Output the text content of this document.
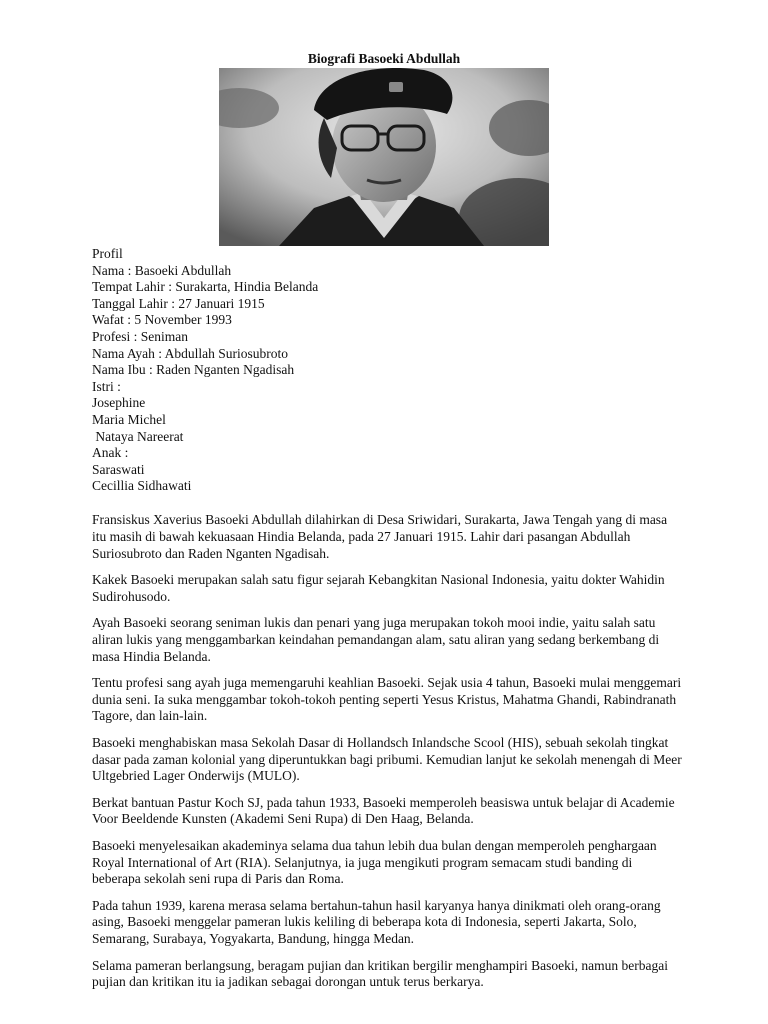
Biografi Basoeki Abdullah
Profil
Nama : Basoeki Abdullah
Tempat Lahir : Surakarta, Hindia Belanda
Tanggal Lahir : 27 Januari 1915
Wafat : 5 November 1993
Profesi : Seniman
Nama Ayah : Abdullah Suriosubroto
Nama Ibu : Raden Nganten Ngadisah
Istri :
Josephine
Maria Michel
Nataya Nareerat
Anak :
Saraswati
Cecillia Sidhawati

Fransiskus Xaverius Basoeki Abdullah dilahirkan di Desa Sriwidari, Surakarta, Jawa Tengah yang di masa itu masih di bawah kekuasaan Hindia Belanda, pada 27 Januari 1915. Lahir dari pasangan Abdullah Suriosubroto dan Raden Nganten Ngadisah.

Kakek Basoeki merupakan salah satu figur sejarah Kebangkitan Nasional Indonesia, yaitu dokter Wahidin Sudirohusodo.

Ayah Basoeki seorang seniman lukis dan penari yang juga merupakan tokoh mooi indie, yaitu salah satu aliran lukis yang menggambarkan keindahan pemandangan alam, satu aliran yang sedang berkembang di masa Hindia Belanda.

Tentu profesi sang ayah juga memengaruhi keahlian Basoeki. Sejak usia 4 tahun, Basoeki mulai menggemari dunia seni. Ia suka menggambar tokoh-tokoh penting seperti Yesus Kristus, Mahatma Ghandi, Rabindranath Tagore, dan lain-lain.

Basoeki menghabiskan masa Sekolah Dasar di Hollandsch Inlandsche Scool (HIS), sebuah sekolah tingkat dasar pada zaman kolonial yang diperuntukkan bagi pribumi. Kemudian lanjut ke sekolah menengah di Meer Ultgebried Lager Onderwijs (MULO).

Berkat bantuan Pastur Koch SJ, pada tahun 1933, Basoeki memperoleh beasiswa untuk belajar di Academie Voor Beeldende Kunsten (Akademi Seni Rupa) di Den Haag, Belanda.

Basoeki menyelesaikan akademinya selama dua tahun lebih dua bulan dengan memperoleh penghargaan Royal International of Art (RIA). Selanjutnya, ia juga mengikuti program semacam studi banding di beberapa sekolah seni rupa di Paris dan Roma.

Pada tahun 1939, karena merasa selama bertahun-tahun hasil karyanya hanya dinikmati oleh orang-orang asing, Basoeki menggelar pameran lukis keliling di beberapa kota di Indonesia, seperti Jakarta, Solo, Semarang, Surabaya, Yogyakarta, Bandung, hingga Medan.

Selama pameran berlangsung, beragam pujian dan kritikan bergilir menghampiri Basoeki, namun berbagai pujian dan kritikan itu ia jadikan sebagai dorongan untuk terus berkarya.
